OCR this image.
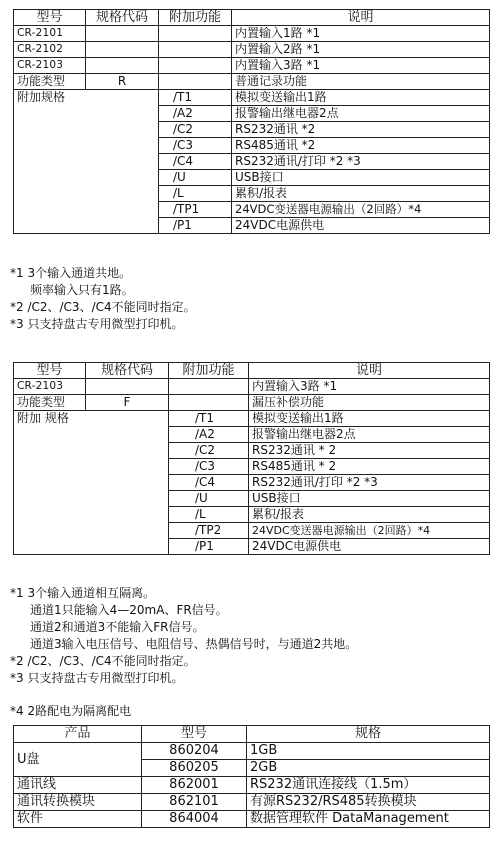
型号	规格代码	附加功能	说明
CR-2101			内置输入1路 *1
CR-2102			内置输入2路 *1
CR-2103			内置输入3路 *1
功能类型	R		普通记录功能
附加规格		/T1	模拟变送输出1路
		/A2	报警输出继电器2点
		/C2	RS232通讯 *2
		/C3	RS485通讯 *2
		/C4	RS232通讯/打印 *2 *3
		/U	USB接口
		/L	累积/报表
		/TP1	24VDC变送器电源输出（2回路）*4
		/P1	24VDC电源供电
*1 3个输入通道共地。
频率输入只有1路。
*2 /C2、/C3、/C4不能同时指定。
*3 只支持盘古专用微型打印机。
型号	规格代码	附加功能	说明
CR-2103			内置输入3路 *1
功能类型	F		漏压补偿功能
附加 规格		/T1	模拟变送输出1路
		/A2	报警输出继电器2点
		/C2	RS232通讯 * 2
		/C3	RS485通讯 * 2
		/C4	RS232通讯/打印 *2 *3
		/U	USB接口
		/L	累积/报表
		/TP2	24VDC变送器电源输出（2回路）*4
		/P1	24VDC电源供电
*1 3个输入通道相互隔离。
通道1只能输入4—20mA、FR信号。
通道2和通道3不能输入FR信号。
通道3输入电压信号、电阻信号、热偶信号时，与通道2共地。
*2 /C2、/C3、/C4不能同时指定。
*3 只支持盘古专用微型打印机。
*4 2路配电为隔离配电
产品	型号	规格
U盘	860204	1GB
	860205	2GB
通讯线	862001	RS232通讯连接线（1.5m）
通讯转换模块	862101	有源RS232/RS485转换模块
软件	864004	数据管理软件 DataManagement
